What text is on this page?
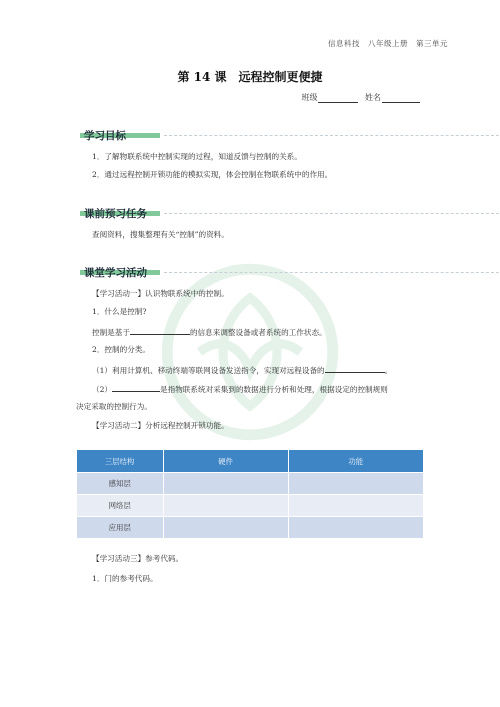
信息科技　八年级上册　第三单元
第 14 课 远程控制更便捷
班级	姓名
学习目标
1．了解物联系统中控制实现的过程，知道反馈与控制的关系。
2．通过远程控制开锁功能的模拟实现，体会控制在物联系统中的作用。
课前预习任务
查阅资料，搜集整理有关“控制”的资料。
课堂学习活动
【学习活动一】认识物联系统中的控制。
1．什么是控制?
控制是基于	的信息来调整设备或者系统的工作状态。
2．控制的分类。
（1）利用计算机、移动终端等联网设备发送指令，实现对远程设备的	。
（2）	是指物联系统对采集到的数据进行分析和处理，根据设定的控制规则
决定采取的控制行为。
【学习活动二】分析远程控制开锁功能。
三层结构	硬件	功能
感知层		
网络层		
应用层		
【学习活动三】参考代码。
1．门的参考代码。
